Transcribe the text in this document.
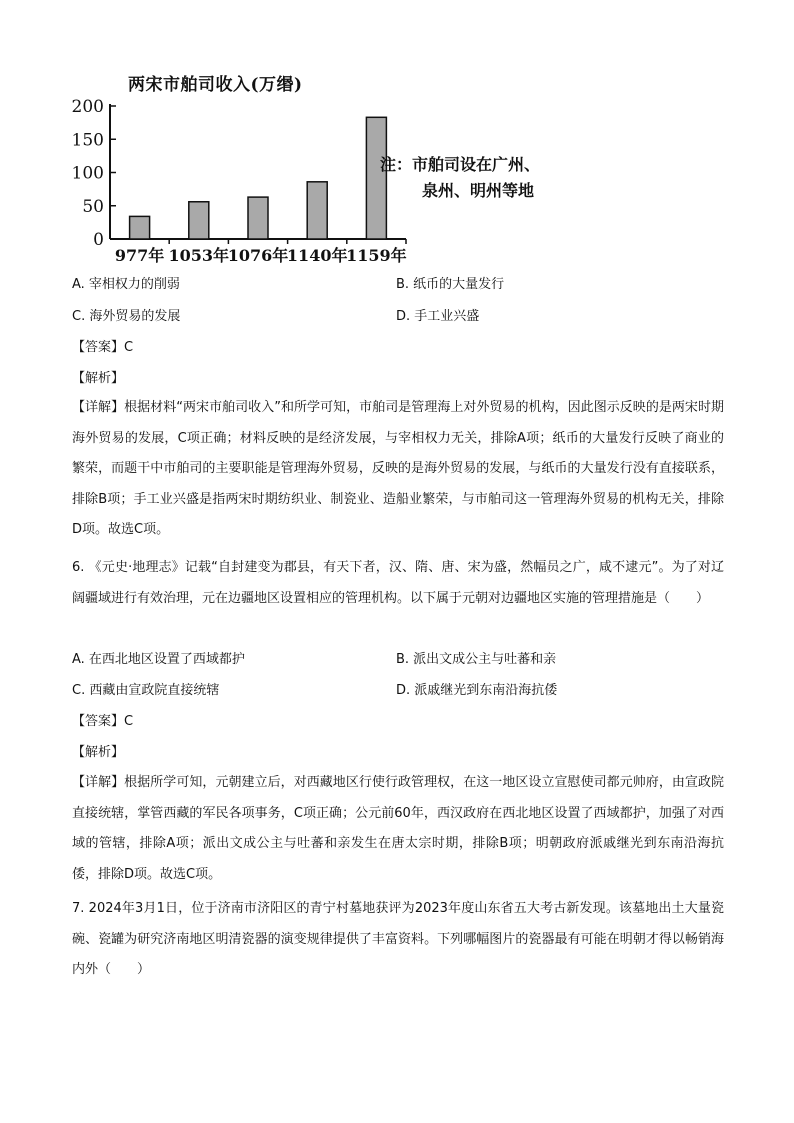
两宋市舶司收入(万缗)
0
50
100
150
200
977年 1053年
1076年
1140年
1159年
注：市舶司设在广州、
泉州、明州等地
A. 宰相权力的削弱	B. 纸币的大量发行
C. 海外贸易的发展	D. 手工业兴盛
【答案】C
【解析】
【详解】根据材料“两宋市舶司收入”和所学可知，市舶司是管理海上对外贸易的机构，因此图示反映的是两宋时期海外贸易的发展，C项正确；材料反映的是经济发展，与宰相权力无关，排除A项；纸币的大量发行反映了商业的繁荣，而题干中市舶司的主要职能是管理海外贸易，反映的是海外贸易的发展，与纸币的大量发行没有直接联系，排除B项；手工业兴盛是指两宋时期纺织业、制瓷业、造船业繁荣，与市舶司这一管理海外贸易的机构无关，排除D项。故选C项。
6. 《元史·地理志》记载“自封建变为郡县，有天下者，汉、隋、唐、宋为盛，然幅员之广，咸不逮元”。为了对辽阔疆域进行有效治理，元在边疆地区设置相应的管理机构。以下属于元朝对边疆地区实施的管理措施是（　　）
A. 在西北地区设置了西域都护	B. 派出文成公主与吐蕃和亲
C. 西藏由宣政院直接统辖	D. 派戚继光到东南沿海抗倭
【答案】C
【解析】
【详解】根据所学可知，元朝建立后，对西藏地区行使行政管理权，在这一地区设立宣慰使司都元帅府，由宣政院直接统辖，掌管西藏的军民各项事务，C项正确；公元前60年，西汉政府在西北地区设置了西域都护，加强了对西域的管辖，排除A项；派出文成公主与吐蕃和亲发生在唐太宗时期，排除B项；明朝政府派戚继光到东南沿海抗倭，排除D项。故选C项。
7. 2024年3月1日，位于济南市济阳区的青宁村墓地获评为2023年度山东省五大考古新发现。该墓地出土大量瓷碗、瓷罐为研究济南地区明清瓷器的演变规律提供了丰富资料。下列哪幅图片的瓷器最有可能在明朝才得以畅销海内外（　　）
